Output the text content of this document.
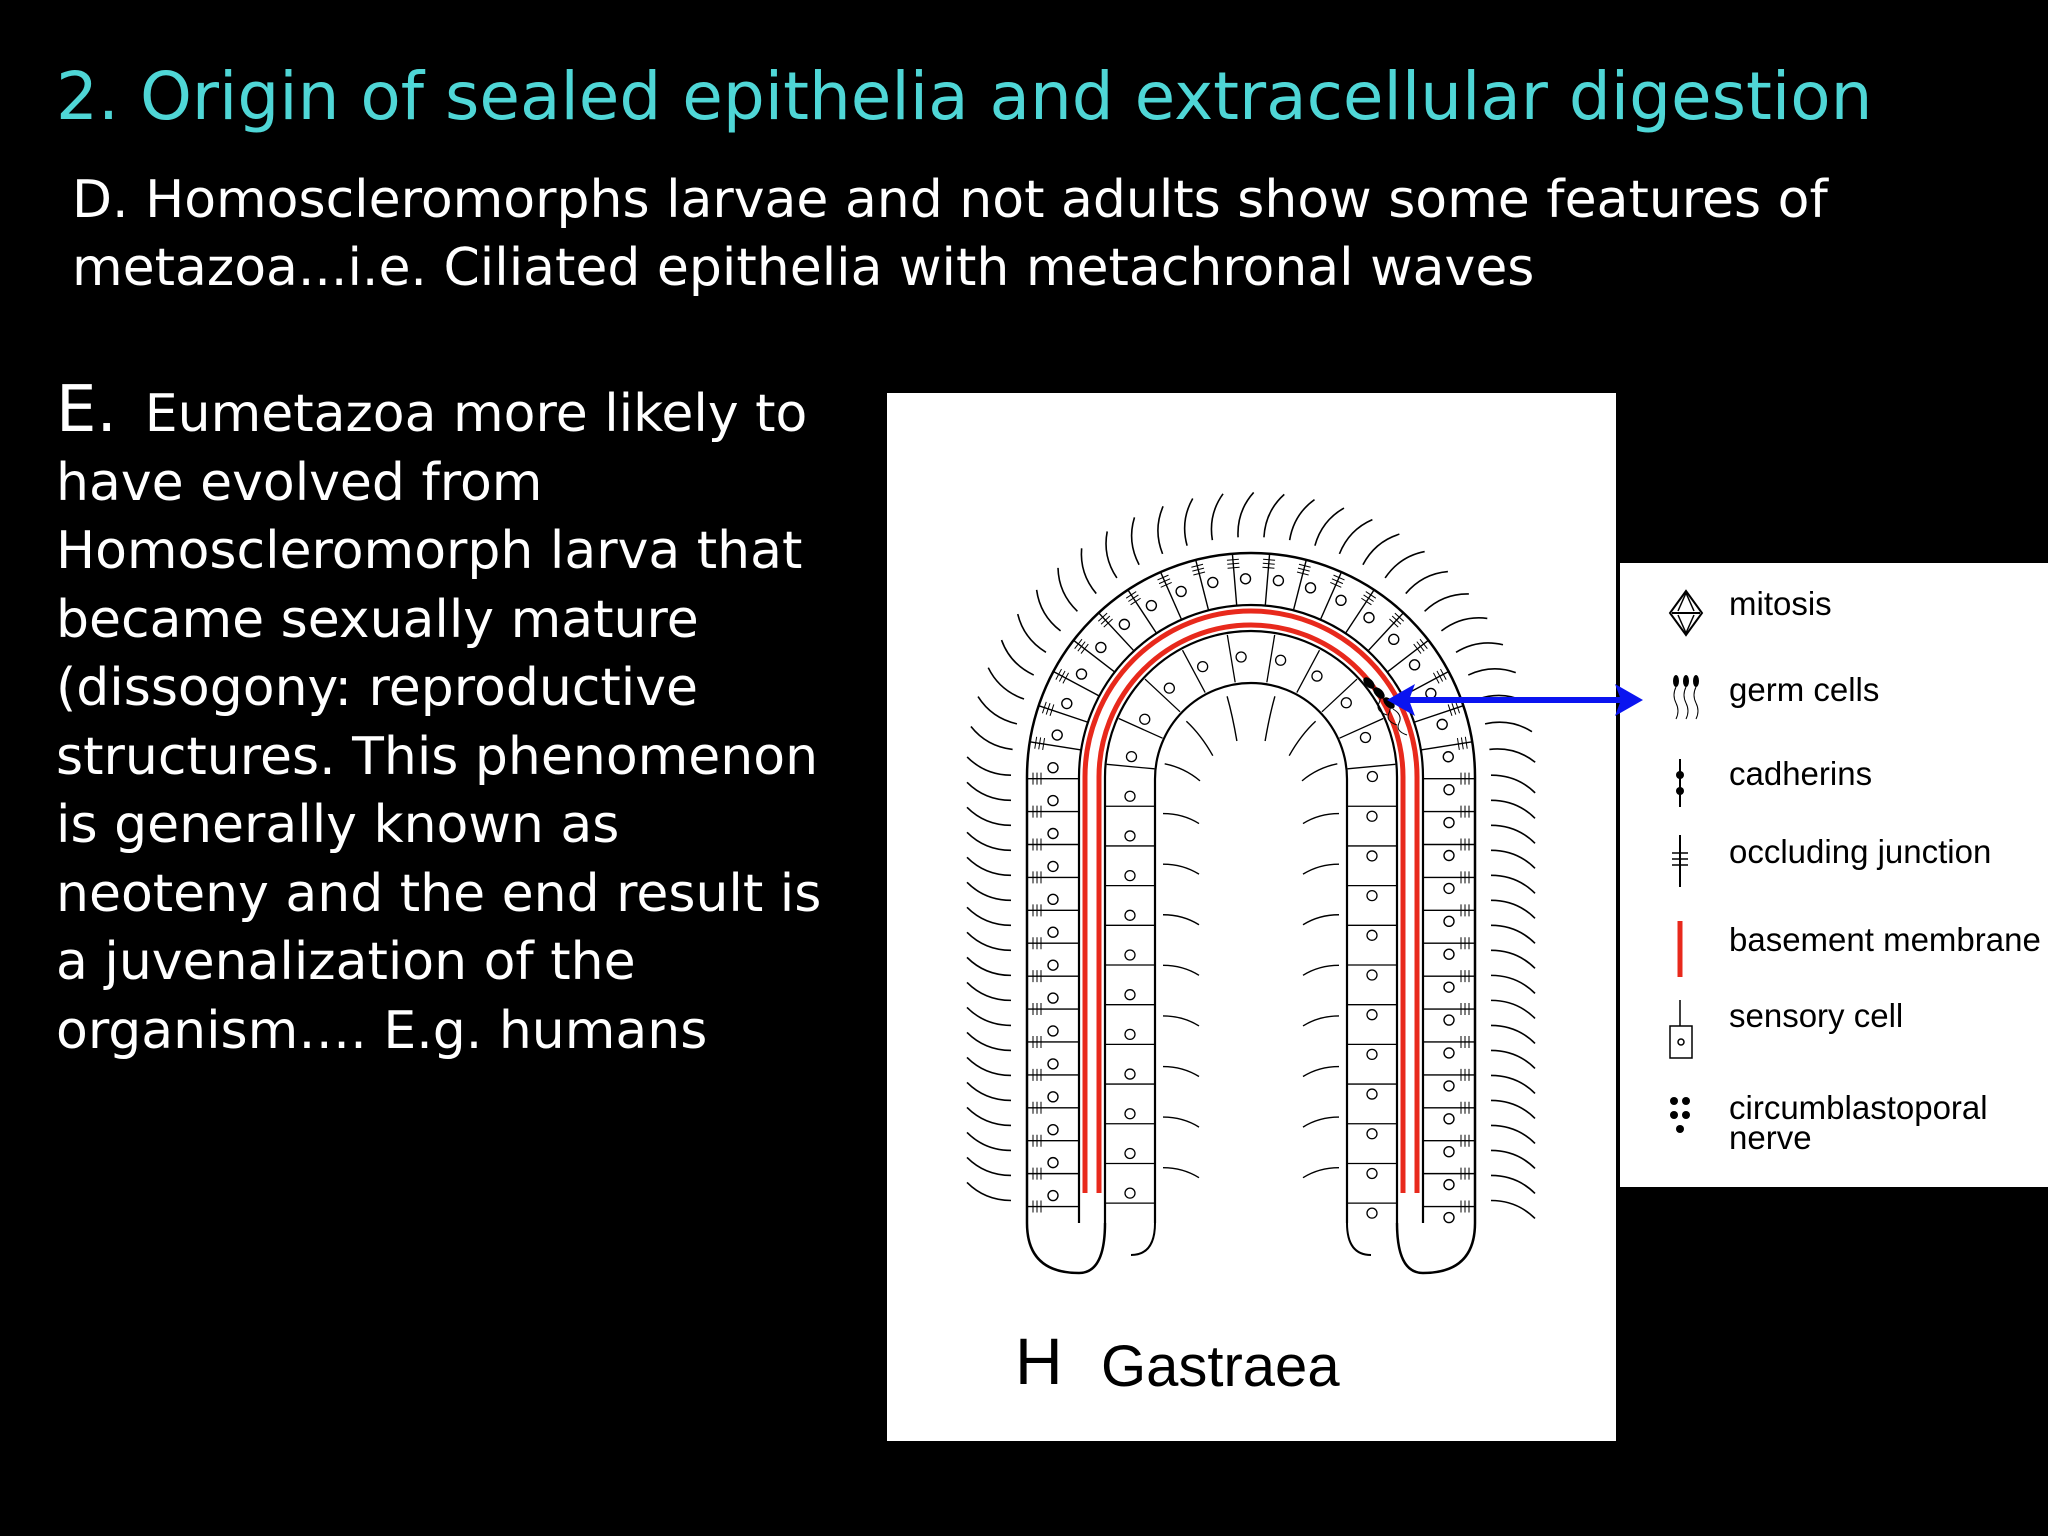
2. Origin of sealed epithelia and extracellular digestion
D. Homoscleromorphs larvae and not adults show some features of metazoa...i.e. Ciliated epithelia with metachronal waves
E. Eumetazoa more likely to have evolved from Homoscleromorph larva that became sexually mature (dissogony: reproductive structures. This phenomenon is generally known as neoteny and the end result is a juvenalization of the organism…. E.g. humans
H Gastraea
mitosis
germ cells
cadherins
occluding junction
basement membrane
sensory cell
circumblastoporal nerve
